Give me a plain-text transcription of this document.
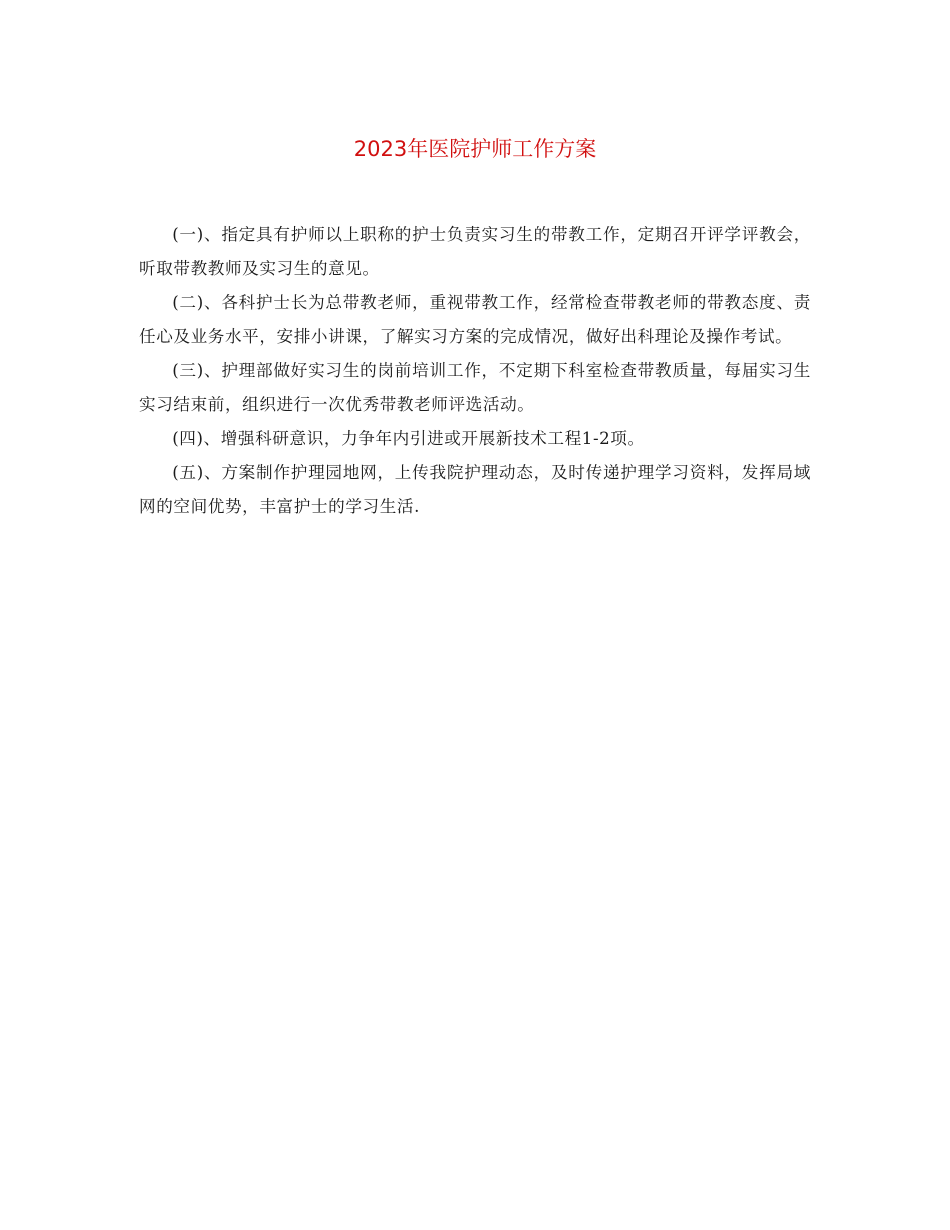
2023年医院护师工作方案

(一)、指定具有护师以上职称的护士负责实习生的带教工作，定期召开评学评教会，听取带教教师及实习生的意见。

(二)、各科护士长为总带教老师，重视带教工作，经常检查带教老师的带教态度、责任心及业务水平，安排小讲课，了解实习方案的完成情况，做好出科理论及操作考试。

(三)、护理部做好实习生的岗前培训工作，不定期下科室检查带教质量，每届实习生实习结束前，组织进行一次优秀带教老师评选活动。

(四)、增强科研意识，力争年内引进或开展新技术工程1-2项。

(五)、方案制作护理园地网，上传我院护理动态，及时传递护理学习资料，发挥局域网的空间优势，丰富护士的学习生活.
